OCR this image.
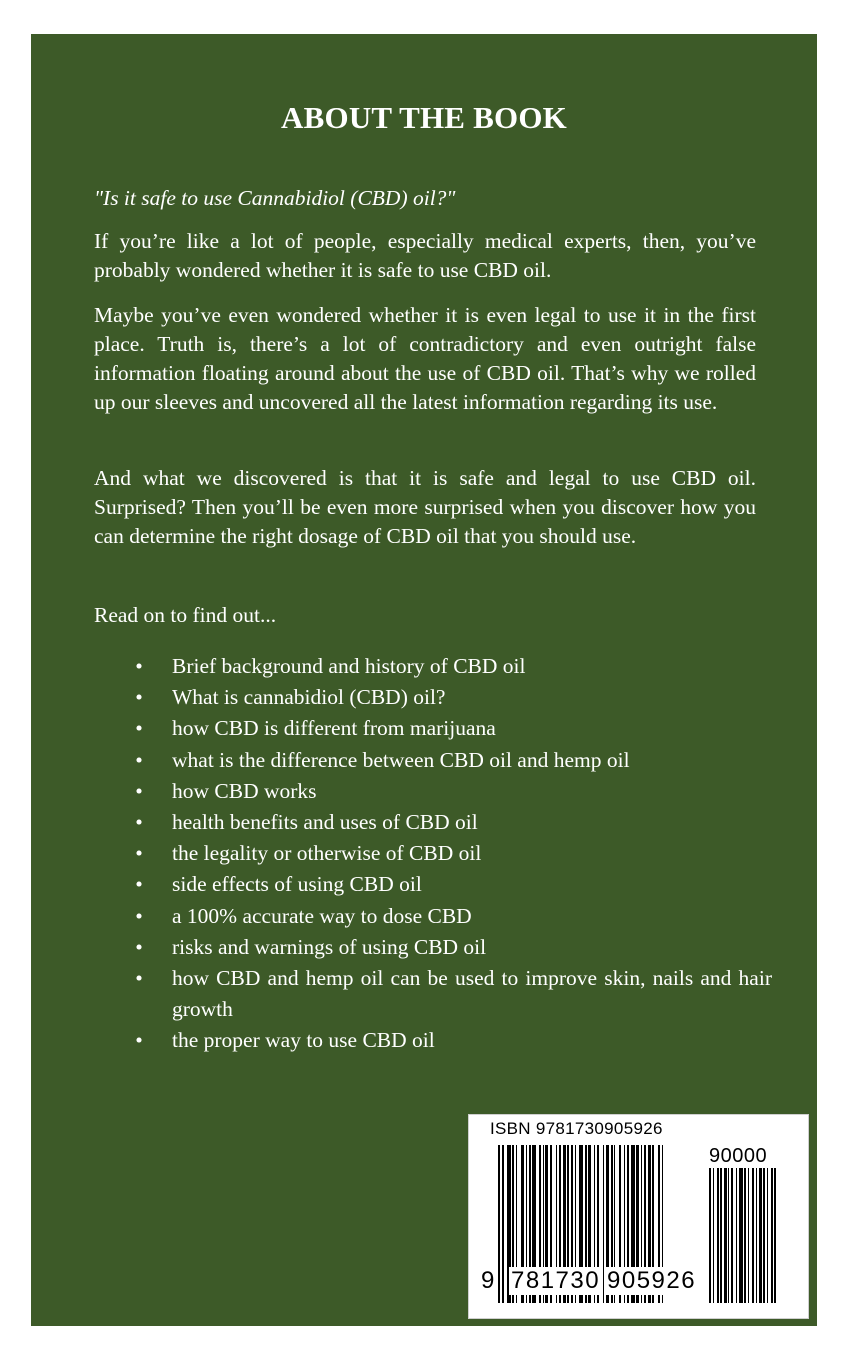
ABOUT THE BOOK

"Is it safe to use Cannabidiol (CBD) oil?"

If you’re like a lot of people, especially medical experts, then, you’ve probably wondered whether it is safe to use CBD oil.

Maybe you’ve even wondered whether it is even legal to use it in the first place. Truth is, there’s a lot of contradictory and even outright false information floating around about the use of CBD oil. That’s why we rolled up our sleeves and uncovered all the latest information regarding its use.

And what we discovered is that it is safe and legal to use CBD oil. Surprised? Then you’ll be even more surprised when you discover how you can determine the right dosage of CBD oil that you should use.

Read on to find out...

• Brief background and history of CBD oil
• What is cannabidiol (CBD) oil?
• how CBD is different from marijuana
• what is the difference between CBD oil and hemp oil
• how CBD works
• health benefits and uses of CBD oil
• the legality or otherwise of CBD oil
• side effects of using CBD oil
• a 100% accurate way to dose CBD
• risks and warnings of using CBD oil
• how CBD and hemp oil can be used to improve skin, nails and hair growth
• the proper way to use CBD oil
ISBN 9781730905926
90000
9 781730 905926
